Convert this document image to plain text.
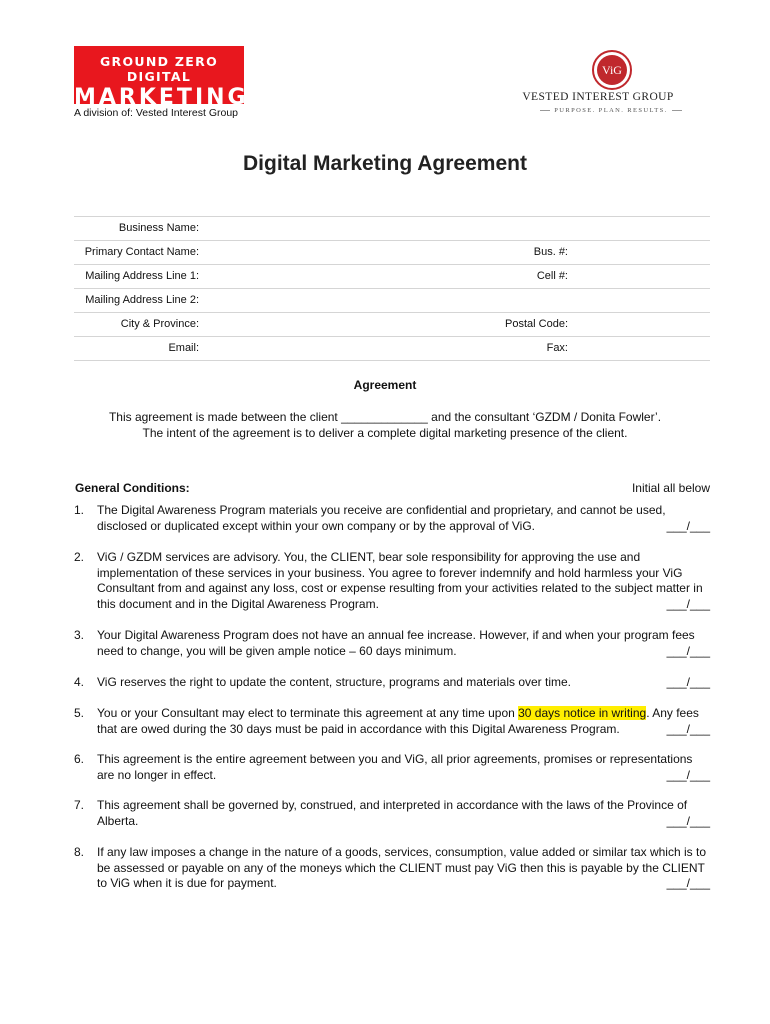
GROUND ZERO DIGITAL
MARKETING
A division of: Vested Interest Group
ViG
VESTED INTEREST GROUP
PURPOSE. PLAN. RESULTS.
Digital Marketing Agreement
Business Name:
Primary Contact Name:	Bus. #:
Mailing Address Line 1:	Cell #:
Mailing Address Line 2:
City & Province:	Postal Code:
Email:	Fax:
Agreement
This agreement is made between the client _____________ and the consultant ‘GZDM / Donita Fowler’.
The intent of the agreement is to deliver a complete digital marketing presence of the client.
General Conditions:	Initial all below
1. The Digital Awareness Program materials you receive are confidential and proprietary, and cannot be used, disclosed or duplicated except within your own company or by the approval of ViG.	___/___
2. ViG / GZDM services are advisory. You, the CLIENT, bear sole responsibility for approving the use and implementation of these services in your business. You agree to forever indemnify and hold harmless your ViG Consultant from and against any loss, cost or expense resulting from your activities related to the subject matter in this document and in the Digital Awareness Program.	___/___
3. Your Digital Awareness Program does not have an annual fee increase. However, if and when your program fees need to change, you will be given ample notice – 60 days minimum.	___/___
4. ViG reserves the right to update the content, structure, programs and materials over time.	___/___
5. You or your Consultant may elect to terminate this agreement at any time upon 30 days notice in writing. Any fees that are owed during the 30 days must be paid in accordance with this Digital Awareness Program.	___/___
6. This agreement is the entire agreement between you and ViG, all prior agreements, promises or representations are no longer in effect.	___/___
7. This agreement shall be governed by, construed, and interpreted in accordance with the laws of the Province of Alberta.	___/___
8. If any law imposes a change in the nature of a goods, services, consumption, value added or similar tax which is to be assessed or payable on any of the moneys which the CLIENT must pay ViG then this is payable by the CLIENT to ViG when it is due for payment.	___/___
